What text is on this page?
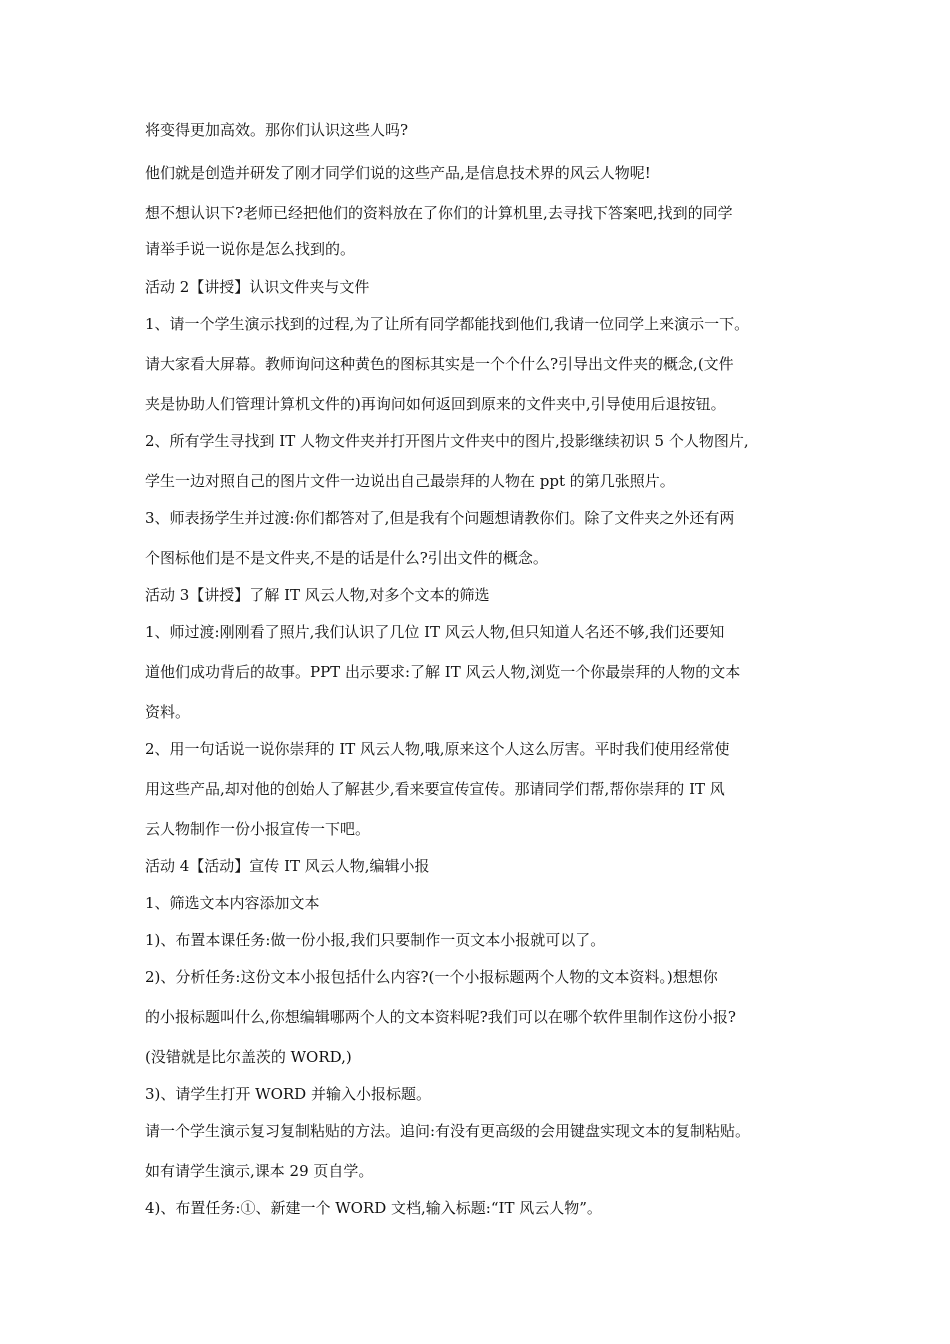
将变得更加高效。那你们认识这些人吗?
他们就是创造并研发了刚才同学们说的这些产品,是信息技术界的风云人物呢!
想不想认识下?老师已经把他们的资料放在了你们的计算机里,去寻找下答案吧,找到的同学
请举手说一说你是怎么找到的。
活动 2【讲授】认识文件夹与文件
1、请一个学生演示找到的过程,为了让所有同学都能找到他们,我请一位同学上来演示一下。
请大家看大屏幕。教师询问这种黄色的图标其实是一个个什么?引导出文件夹的概念,(文件
夹是协助人们管理计算机文件的)再询问如何返回到原来的文件夹中,引导使用后退按钮。
2、所有学生寻找到 IT 人物文件夹并打开图片文件夹中的图片,投影继续初识 5 个人物图片,
学生一边对照自己的图片文件一边说出自己最崇拜的人物在 ppt 的第几张照片。
3、师表扬学生并过渡:你们都答对了,但是我有个问题想请教你们。除了文件夹之外还有两
个图标他们是不是文件夹,不是的话是什么?引出文件的概念。
活动 3【讲授】了解 IT 风云人物,对多个文本的筛选
1、师过渡:刚刚看了照片,我们认识了几位 IT 风云人物,但只知道人名还不够,我们还要知
道他们成功背后的故事。PPT 出示要求:了解 IT 风云人物,浏览一个你最崇拜的人物的文本
资料。
2、用一句话说一说你崇拜的 IT 风云人物,哦,原来这个人这么厉害。平时我们使用经常使
用这些产品,却对他的创始人了解甚少,看来要宣传宣传。那请同学们帮,帮你崇拜的 IT 风
云人物制作一份小报宣传一下吧。
活动 4【活动】宣传 IT 风云人物,编辑小报
1、筛选文本内容添加文本
1)、布置本课任务:做一份小报,我们只要制作一页文本小报就可以了。
2)、分析任务:这份文本小报包括什么内容?(一个小报标题两个人物的文本资料。)想想你
的小报标题叫什么,你想编辑哪两个人的文本资料呢?我们可以在哪个软件里制作这份小报?
(没错就是比尔盖茨的 WORD,)
3)、请学生打开 WORD 并输入小报标题。
请一个学生演示复习复制粘贴的方法。追问:有没有更高级的会用键盘实现文本的复制粘贴。
如有请学生演示,课本 29 页自学。
4)、布置任务:①、新建一个 WORD 文档,输入标题:“IT 风云人物”。
